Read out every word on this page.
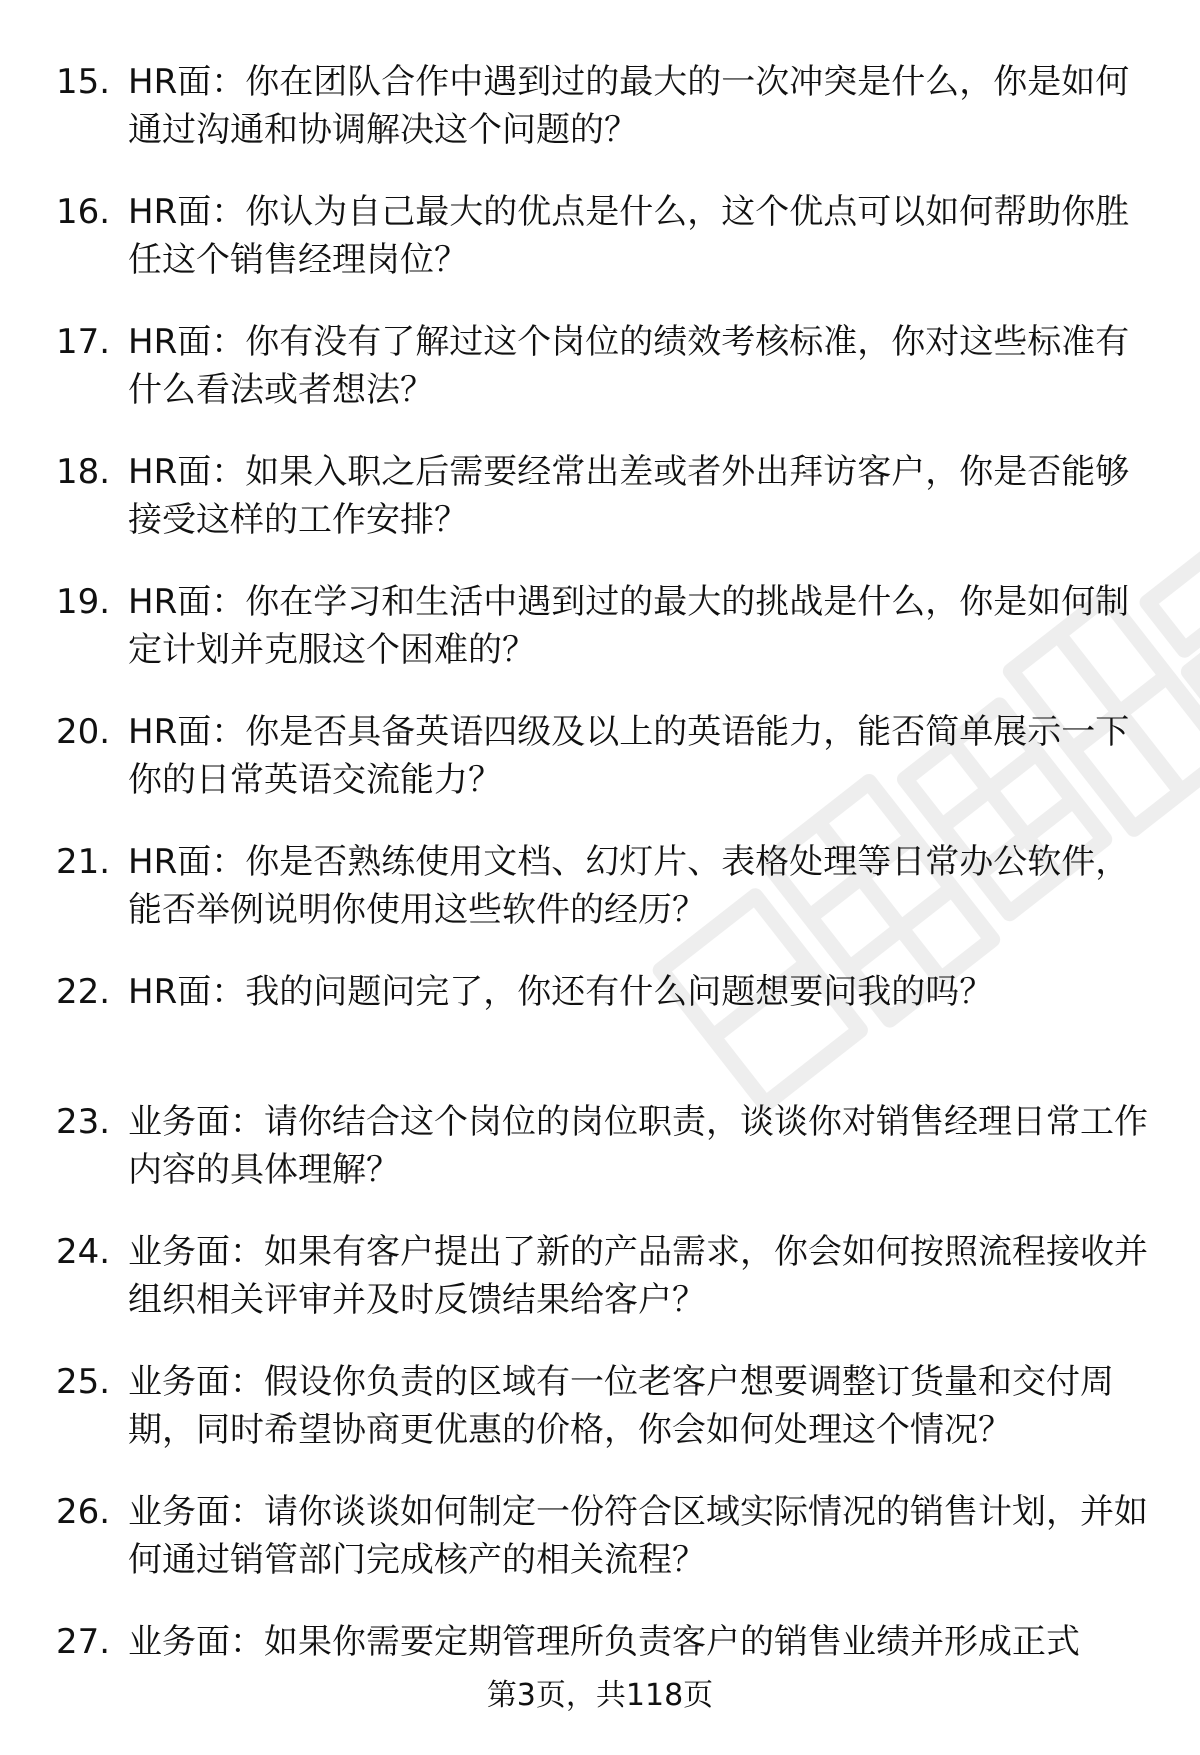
15. HR面：你在团队合作中遇到过的最大的一次冲突是什么，你是如何通过沟通和协调解决这个问题的？
16. HR面：你认为自己最大的优点是什么，这个优点可以如何帮助你胜任这个销售经理岗位？
17. HR面：你有没有了解过这个岗位的绩效考核标准，你对这些标准有什么看法或者想法？
18. HR面：如果入职之后需要经常出差或者外出拜访客户，你是否能够接受这样的工作安排？
19. HR面：你在学习和生活中遇到过的最大的挑战是什么，你是如何制定计划并克服这个困难的？
20. HR面：你是否具备英语四级及以上的英语能力，能否简单展示一下你的日常英语交流能力？
21. HR面：你是否熟练使用文档、幻灯片、表格处理等日常办公软件，能否举例说明你使用这些软件的经历？
22. HR面：我的问题问完了，你还有什么问题想要问我的吗？
23. 业务面：请你结合这个岗位的岗位职责，谈谈你对销售经理日常工作内容的具体理解？
24. 业务面：如果有客户提出了新的产品需求，你会如何按照流程接收并组织相关评审并及时反馈结果给客户？
25. 业务面：假设你负责的区域有一位老客户想要调整订货量和交付周期，同时希望协商更优惠的价格，你会如何处理这个情况？
26. 业务面：请你谈谈如何制定一份符合区域实际情况的销售计划，并如何通过销管部门完成核产的相关流程？
27. 业务面：如果你需要定期管理所负责客户的销售业绩并形成正式
第3页，共118页
